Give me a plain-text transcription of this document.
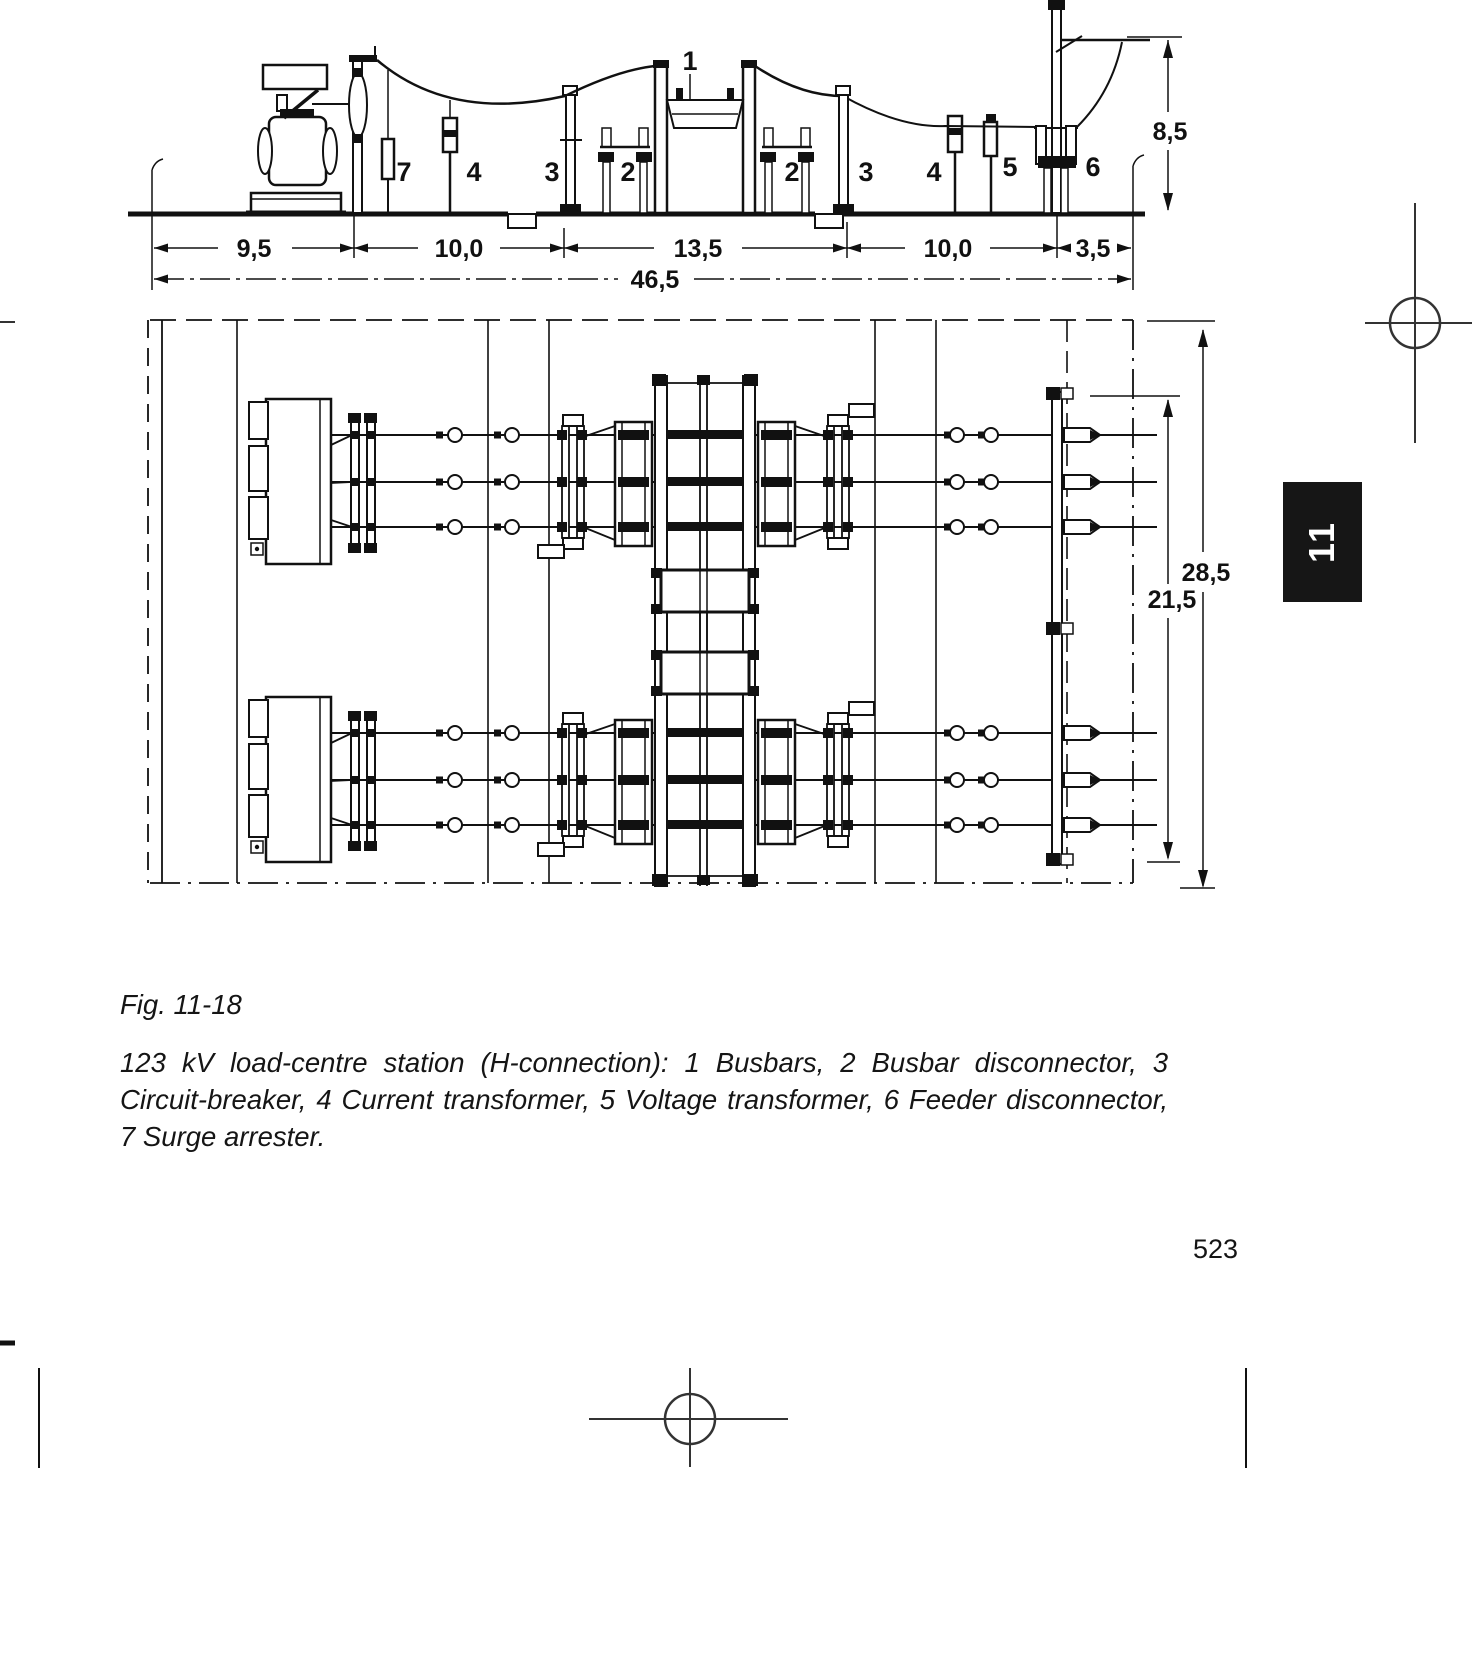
1
7 4 3 2	2 3 4 5	6
9,5	10,0	13,5	10,0	3,5
46,5
8,5
28,5
21,5
11
Fig. 11-18

123 kV load-centre station (H-connection): 1 Busbars, 2 Busbar disconnector, 3 Circuit-breaker, 4 Current transformer, 5 Voltage transformer, 6 Feeder disconnector, 7 Surge arrester.

523
